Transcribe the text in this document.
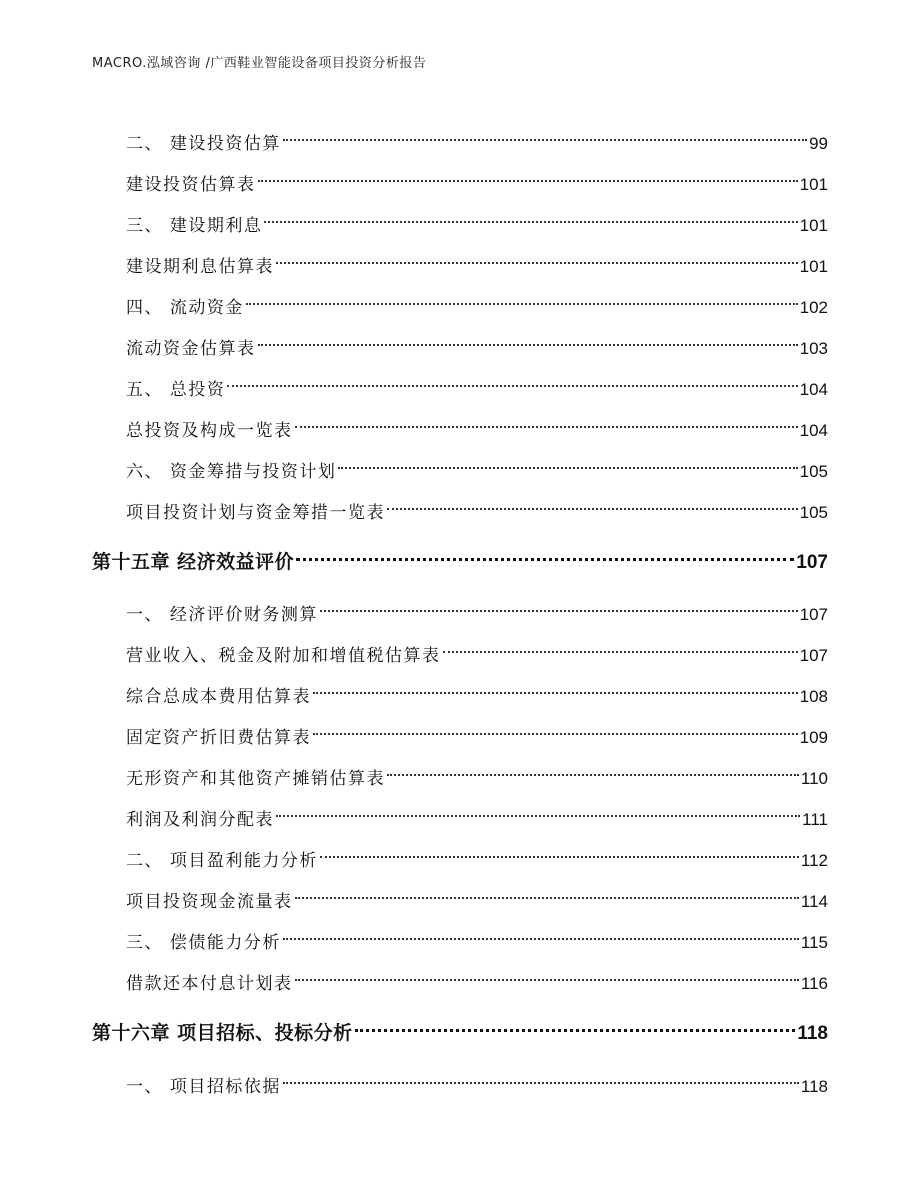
MACRO.泓域咨询 /广西鞋业智能设备项目投资分析报告
二、 建设投资估算	99
建设投资估算表	101
三、 建设期利息	101
建设期利息估算表	101
四、 流动资金	102
流动资金估算表	103
五、 总投资	104
总投资及构成一览表	104
六、 资金筹措与投资计划	105
项目投资计划与资金筹措一览表	105
第十五章 经济效益评价	107
一、 经济评价财务测算	107
营业收入、税金及附加和增值税估算表	107
综合总成本费用估算表	108
固定资产折旧费估算表	109
无形资产和其他资产摊销估算表	110
利润及利润分配表	111
二、 项目盈利能力分析	112
项目投资现金流量表	114
三、 偿债能力分析	115
借款还本付息计划表	116
第十六章 项目招标、投标分析	118
一、 项目招标依据	118
